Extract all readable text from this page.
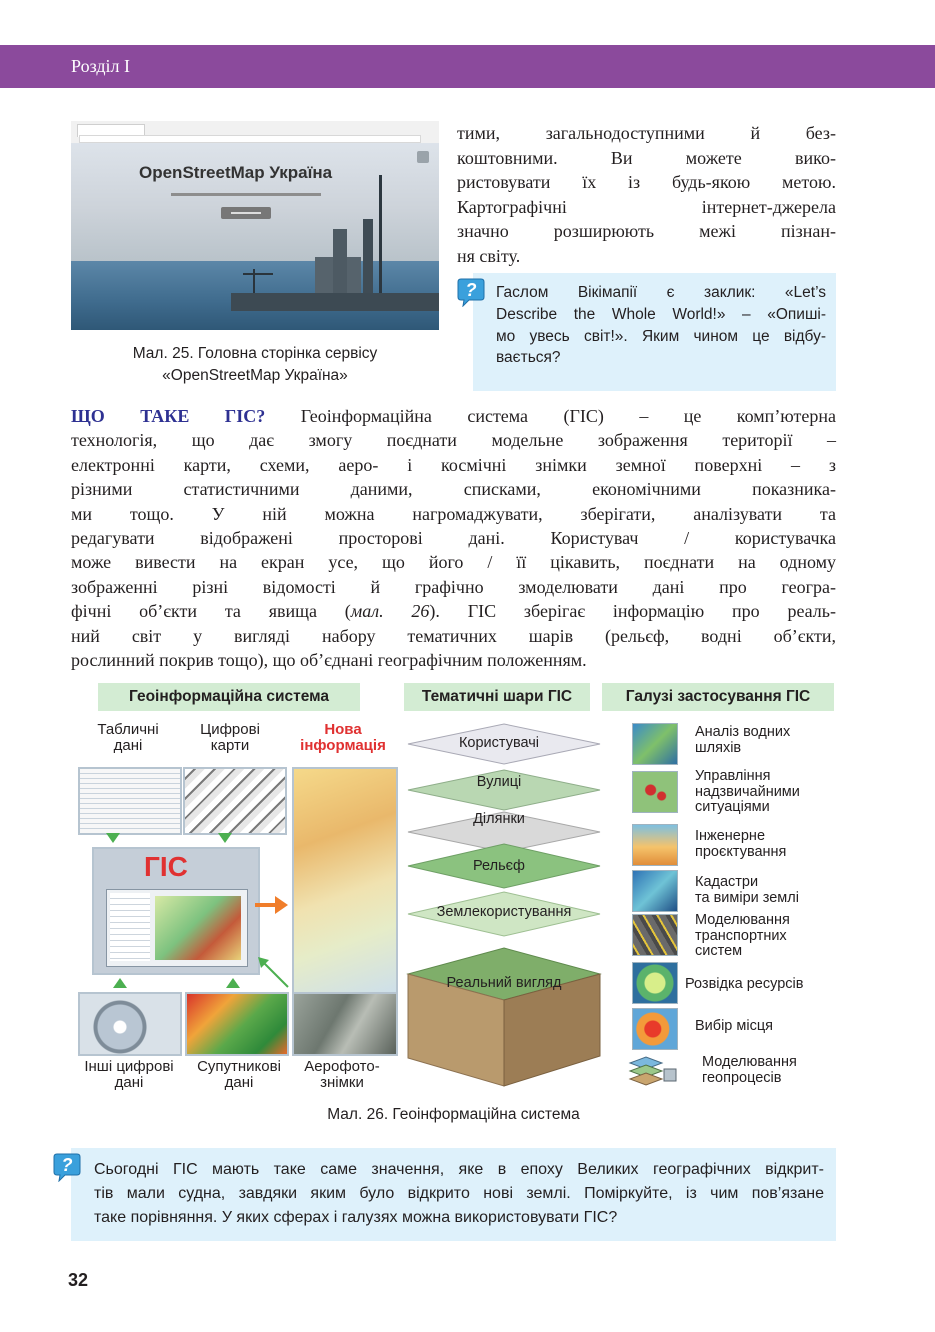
Розділ I
OpenStreetMap Україна
Мал. 25. Головна сторінка сервісу
«OpenStreetMap Україна»
тими, загальнодоступними й без-
коштовними. Ви можете вико-
ристовувати їх із будь-якою метою.
Картографічні інтернет-джерела
значно розширюють межі пізнан-
ня світу.
Гаслом Вікімапії є заклик: «Let’s
Describe the Whole World!» – «Опиші-
мо увесь світ!». Яким чином це відбу-
вається?
?
ЩО ТАКЕ ГІС? Геоінформаційна система (ГІС) – це комп’ютерна
технологія, що дає змогу поєднати модельне зображення території –
електронні карти, схеми, аеро- і космічні знімки земної поверхні – з
різними статистичними даними, списками, економічними показника-
ми тощо. У ній можна нагромаджувати, зберігати, аналізувати та
редагувати відображені просторові дані. Користувач / користувачка
може вивести на екран усе, що його / її цікавить, поєднати на одному
зображенні різні відомості й графічно змоделювати дані про геогра-
фічні об’єкти та явища (мал. 26). ГІС зберігає інформацію про реаль-
ний світ у вигляді набору тематичних шарів (рельєф, водні об’єкти,
рослинний покрив тощо), що об’єднані географічним положенням.
Геоінформаційна система	Тематичні шари ГІС	Галузі застосування ГІС
Табличні
дані
Цифрові
карти
Нова
інформація
ГІС
Інші цифрові
дані
Супутникові
дані
Аерофото-
знімки
Користувачі
Вулиці
Ділянки
Рельєф
Землекористування
Реальний вигляд
Аналіз водних
шляхів
Управління
надзвичайними
ситуаціями
Інженерне
проєктування
Кадастри
та виміри землі
Моделювання
транспортних
систем
Розвідка ресурсів
Вибір місця
Моделювання
геопроцесів
Мал. 26. Геоінформаційна система
Сьогодні ГІС мають таке саме значення, яке в епоху Великих географічних відкрит-
тів мали судна, завдяки яким було відкрито нові землі. Поміркуйте, із чим пов’язане
таке порівняння. У яких сферах і галузях можна використовувати ГІС?
?
32
